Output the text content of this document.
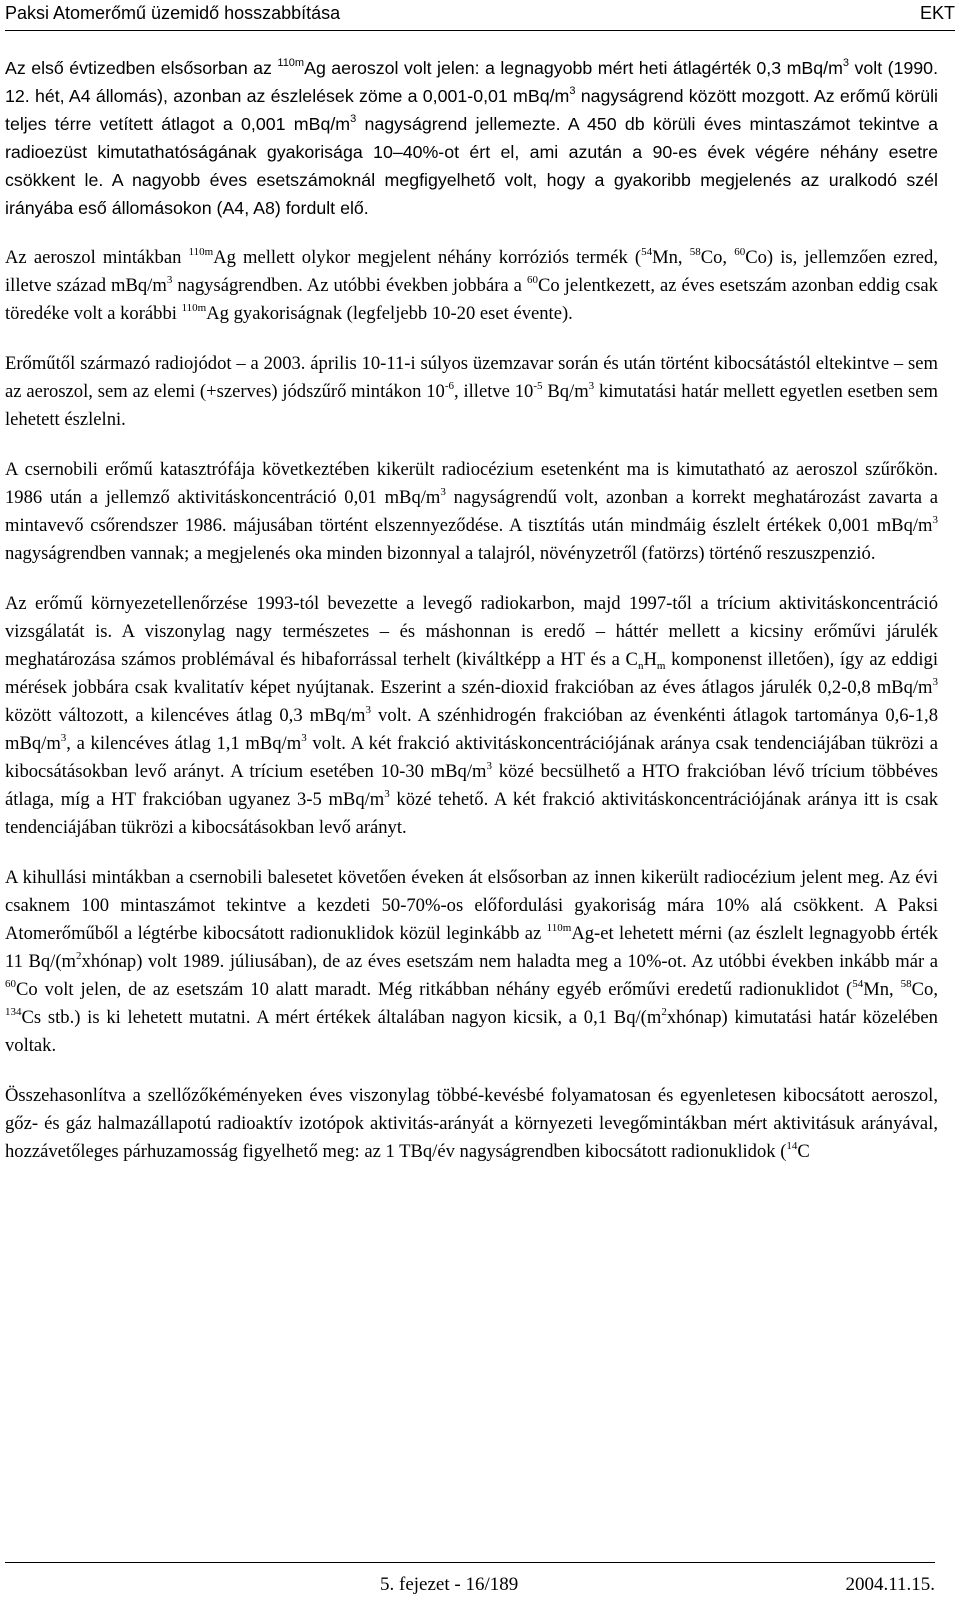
Paksi Atomerőmű üzemidő hosszabbítása	EKT

Az első évtizedben elsősorban az $^{110m}$Ag aeroszol volt jelen: a legnagyobb mért heti átlagérték 0,3 mBq/$m^3$ volt (1990. 12. hét, A4 állomás), azonban az észlelések zöme a 0,001-0,01 mBq/$m^3$ nagyságrend között mozgott. Az erőmű körüli teljes térre vetített átlagot a 0,001 mBq/$m^3$ nagyságrend jellemezte. A 450 db körüli éves mintaszámot tekintve a radioezüst kimutathatóságának gyakorisága 10–40%-ot ért el, ami azután a 90-es évek végére néhány esetre csökkent le. A nagyobb éves esetszámoknál megfigyelhető volt, hogy a gyakoribb megjelenés az uralkodó szél irányába eső állomásokon (A4, A8) fordult elő.

Az aeroszol mintákban $^{110m}$Ag mellett olykor megjelent néhány korróziós termék ($^{54}$Mn, $^{58}$Co, $^{60}$Co) is, jellemzően ezred, illetve század mBq/$m^3$ nagyságrendben. Az utóbbi években jobbára a $^{60}$Co jelentkezett, az éves esetszám azonban eddig csak töredéke volt a korábbi $^{110m}$Ag gyakoriságnak (legfeljebb 10-20 eset évente).

Erőműtől származó radiojódot – a 2003. április 10-11-i súlyos üzemzavar során és után történt kibocsátástól eltekintve – sem az aeroszol, sem az elemi (+szerves) jódszűrő mintákon $10^{-6}$, illetve $10^{-5}$ $Bq/m^3$ kimutatási határ mellett egyetlen esetben sem lehetett észlelni.

A csernobili erőmű katasztrófája következtében kikerült radiocézium esetenként ma is kimutatható az aeroszol szűrőkön. 1986 után a jellemző aktivitáskoncentráció 0,01 mBq/$m^3$ nagyságrendű volt, azonban a korrekt meghatározást zavarta a mintavevő csőrendszer 1986. májusában történt elszennyeződése. A tisztítás után mindmáig észlelt értékek 0,001 mBq/$m^3$ nagyságrendben vannak; a megjelenés oka minden bizonnyal a talajról, növényzetről (fatörzs) történő reszuszpenzió.

Az erőmű környezetellenőrzése 1993-tól bevezette a levegő radiokarbon, majd 1997-től a trícium aktivitáskoncentráció vizsgálatát is. A viszonylag nagy természetes – és máshonnan is eredő – háttér mellett a kicsiny erőművi járulék meghatározása számos problémával és hibaforrással terhelt (kiváltképp a HT és a $C_nH_m$ komponenst illetően), így az eddigi mérések jobbára csak kvalitatív képet nyújtanak. Eszerint a szén-dioxid frakcióban az éves átlagos járulék 0,2-0,8 mBq/$m^3$ között változott, a kilencéves átlag 0,3 mBq/$m^3$ volt. A szénhidrogén frakcióban az évenkénti átlagok tartománya 0,6-1,8 mBq/$m^3$, a kilencéves átlag 1,1 mBq/$m^3$ volt. A két frakció aktivitáskoncentrációjának aránya csak tendenciájában tükrözi a kibocsátásokban levő arányt. A trícium esetében 10-30 mBq/$m^3$ közé becsülhető a HTO frakcióban lévő trícium többéves átlaga, míg a HT frakcióban ugyanez 3-5 mBq/$m^3$ közé tehető. A két frakció aktivitáskoncentrációjának aránya itt is csak tendenciájában tükrözi a kibocsátásokban levő arányt.

A kihullási mintákban a csernobili balesetet követően éveken át elsősorban az innen kikerült radiocézium jelent meg. Az évi csaknem 100 mintaszámot tekintve a kezdeti 50-70%-os előfordulási gyakoriság mára 10% alá csökkent. A Paksi Atomerőműből a légtérbe kibocsátott radionuklidok közül leginkább az $^{110m}$Ag-et lehetett mérni (az észlelt legnagyobb érték 11 $Bq/(m^2xhónap)$ volt 1989. júliusában), de az éves esetszám nem haladta meg a 10%-ot. Az utóbbi években inkább már a $^{60}$Co volt jelen, de az esetszám 10 alatt maradt. Még ritkábban néhány egyéb erőművi eredetű radionuklidot ($^{54}$Mn, $^{58}$Co, $^{134}$Cs stb.) is ki lehetett mutatni. A mért értékek általában nagyon kicsik, a 0,1 $Bq/(m^2xhónap)$ kimutatási határ közelében voltak.

Összehasonlítva a szellőzőkéményeken éves viszonylag többé-kevésbé folyamatosan és egyenletesen kibocsátott aeroszol, gőz- és gáz halmazállapotú radioaktív izotópok aktivitás-arányát a környezeti levegőmintákban mért aktivitásuk arányával, hozzávetőleges párhuzamosság figyelhető meg: az 1 TBq/év nagyságrendben kibocsátott radionuklidok ($^{14}$C

5. fejezet - 16/189	2004.11.15.
